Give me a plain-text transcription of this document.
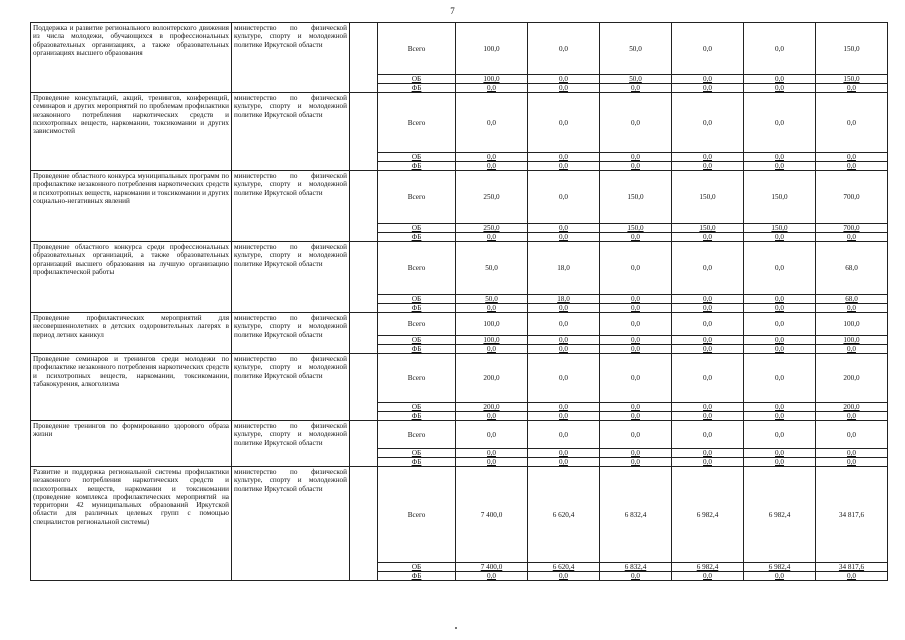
7
Поддержка и развитие регионального волонтерского движения из числа молодежи, обучающихся в профессиональных образовательных организациях, а также образовательных организациях высшего образования	министерство по физической культуре, спорту и молодежной политике Иркутской области		Всего	100,0	0,0	50,0	0,0	0,0	150,0
			ОБ	100,0	0,0	50,0	0,0	0,0	150,0
			ФБ	0,0	0,0	0,0	0,0	0,0	0,0
Проведение консультаций, акций, тренингов, конференций, семинаров и других мероприятий по проблемам профилактики незаконного потребления наркотических средств и психотропных веществ, наркомании, токсикомании и других зависимостей	министерство по физической культуре, спорту и молодежной политике Иркутской области		Всего	0,0	0,0	0,0	0,0	0,0	0,0
			ОБ	0,0	0,0	0,0	0,0	0,0	0,0
			ФБ	0,0	0,0	0,0	0,0	0,0	0,0
Проведение областного конкурса муниципальных программ по профилактике незаконного потребления наркотических средств и психотропных веществ, наркомании и токсикомании и других социально-негативных явлений	министерство по физической культуре, спорту и молодежной политике Иркутской области		Всего	250,0	0,0	150,0	150,0	150,0	700,0
			ОБ	250,0	0,0	150,0	150,0	150,0	700,0
			ФБ	0,0	0,0	0,0	0,0	0,0	0,0
Проведение областного конкурса среди профессиональных образовательных организаций, а также образовательных организаций высшего образования на лучшую организацию профилактической работы	министерство по физической культуре, спорту и молодежной политике Иркутской области		Всего	50,0	18,0	0,0	0,0	0,0	68,0
			ОБ	50,0	18,0	0,0	0,0	0,0	68,0
			ФБ	0,0	0,0	0,0	0,0	0,0	0,0
Проведение профилактических мероприятий для несовершеннолетних в детских оздоровительных лагерях в период летних каникул	министерство по физической культуре, спорту и молодежной политике Иркутской области		Всего	100,0	0,0	0,0	0,0	0,0	100,0
			ОБ	100,0	0,0	0,0	0,0	0,0	100,0
			ФБ	0,0	0,0	0,0	0,0	0,0	0,0
Проведение семинаров и тренингов среди молодежи по профилактике незаконного потребления наркотических средств и психотропных веществ, наркомании, токсикомании, табакокурения, алкоголизма	министерство по физической культуре, спорту и молодежной политике Иркутской области		Всего	200,0	0,0	0,0	0,0	0,0	200,0
			ОБ	200,0	0,0	0,0	0,0	0,0	200,0
			ФБ	0,0	0,0	0,0	0,0	0,0	0,0
Проведение тренингов по формированию здорового образа жизни	министерство по физической культуре, спорту и молодежной политике Иркутской области		Всего	0,0	0,0	0,0	0,0	0,0	0,0
			ОБ	0,0	0,0	0,0	0,0	0,0	0,0
			ФБ	0,0	0,0	0,0	0,0	0,0	0,0
Развитие и поддержка региональной системы профилактики незаконного потребления наркотических средств и психотропных веществ, наркомании и токсикомании (проведение комплекса профилактических мероприятий на территории 42 муниципальных образований Иркутской области для различных целевых групп с помощью специалистов региональной системы)	министерство по физической культуре, спорту и молодежной политике Иркутской области		Всего	7 400,0	6 620,4	6 832,4	6 982,4	6 982,4	34 817,6
			ОБ	7 400,0	6 620,4	6 832,4	6 982,4	6 982,4	34 817,6
			ФБ	0,0	0,0	0,0	0,0	0,0	0,0
